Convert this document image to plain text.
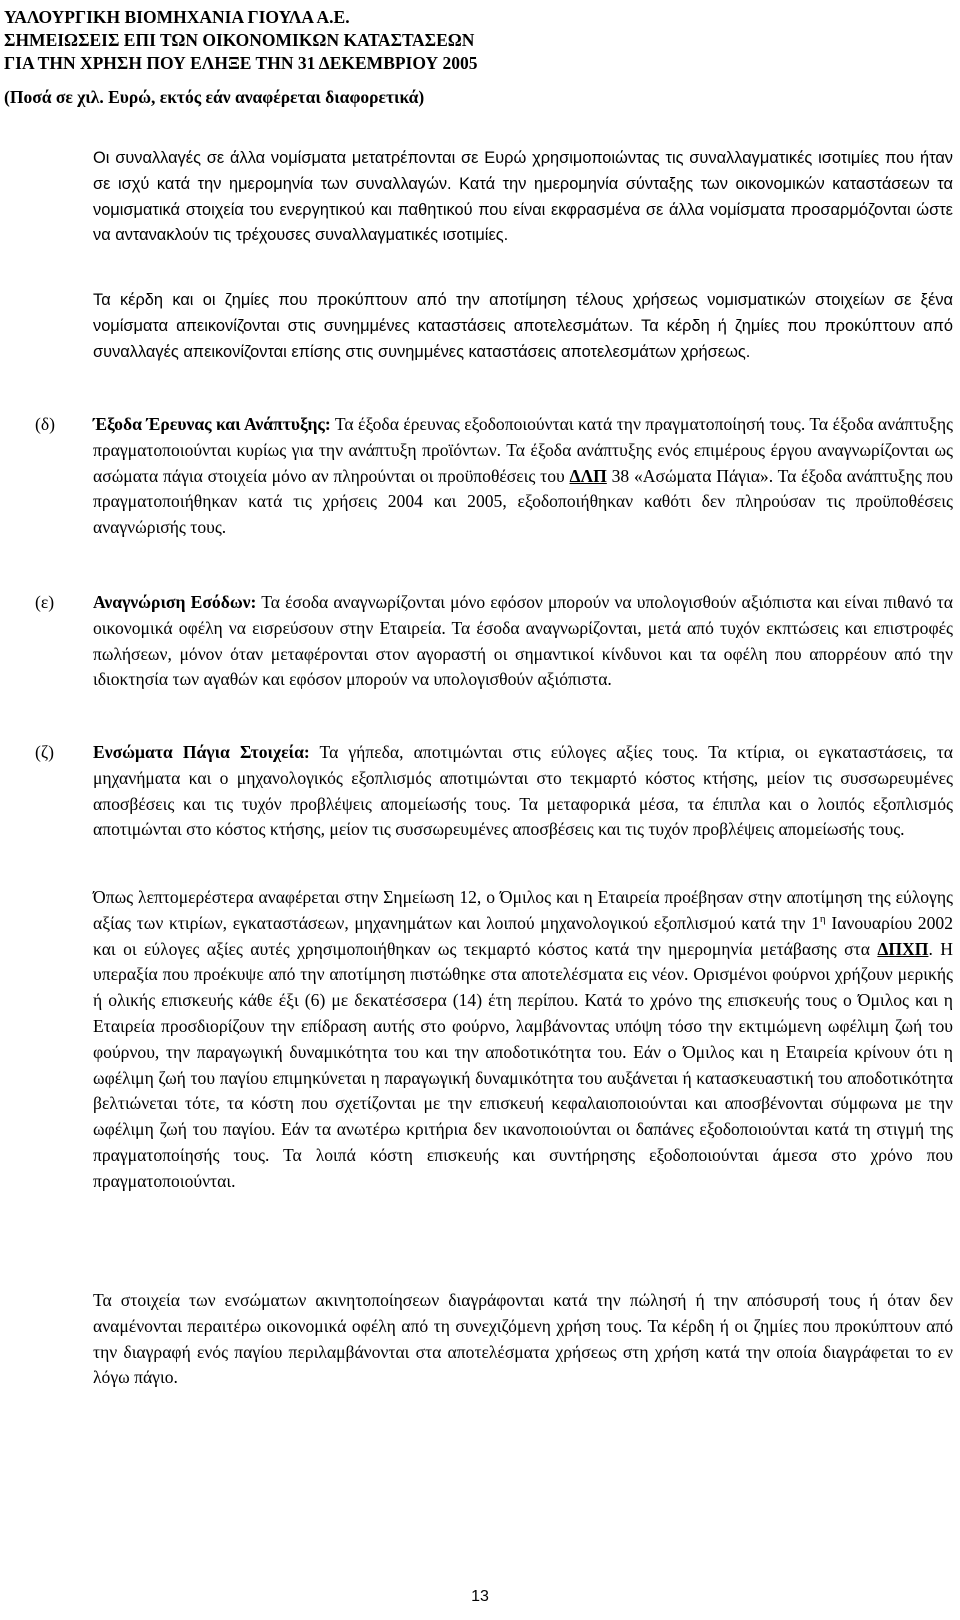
ΥΑΛΟΥΡΓΙΚΗ ΒΙΟΜΗΧΑΝΙΑ ΓΙΟΥΛΑ Α.Ε.
ΣΗΜΕΙΩΣΕΙΣ ΕΠΙ ΤΩΝ ΟΙΚΟΝΟΜΙΚΩΝ ΚΑΤΑΣΤΑΣΕΩΝ
ΓΙΑ ΤΗΝ ΧΡΗΣΗ ΠΟΥ ΕΛΗΞΕ ΤΗΝ 31 ΔΕΚΕΜΒΡΙΟΥ 2005
(Ποσά σε χιλ. Ευρώ, εκτός εάν αναφέρεται διαφορετικά)

Οι συναλλαγές σε άλλα νομίσματα μετατρέπονται σε Ευρώ χρησιμοποιώντας τις συναλλαγματικές ισοτιμίες που ήταν σε ισχύ κατά την ημερομηνία των συναλλαγών. Κατά την ημερομηνία σύνταξης των οικονομικών καταστάσεων τα νομισματικά στοιχεία του ενεργητικού και παθητικού που είναι εκφρασμένα σε άλλα νομίσματα προσαρμόζονται ώστε να αντανακλούν τις τρέχουσες συναλλαγματικές ισοτιμίες.

Τα κέρδη και οι ζημίες που προκύπτουν από την αποτίμηση τέλους χρήσεως νομισματικών στοιχείων σε ξένα νομίσματα απεικονίζονται στις συνημμένες καταστάσεις αποτελεσμάτων. Τα κέρδη ή ζημίες που προκύπτουν από συναλλαγές απεικονίζονται επίσης στις συνημμένες καταστάσεις αποτελεσμάτων χρήσεως.

(δ) Έξοδα Έρευνας και Ανάπτυξης: Τα έξοδα έρευνας εξοδοποιούνται κατά την πραγματοποίησή τους. Τα έξοδα ανάπτυξης πραγματοποιούνται κυρίως για την ανάπτυξη προϊόντων. Τα έξοδα ανάπτυξης ενός επιμέρους έργου αναγνωρίζονται ως ασώματα πάγια στοιχεία μόνο αν πληρούνται οι προϋποθέσεις του ΔΛΠ 38 «Ασώματα Πάγια». Τα έξοδα ανάπτυξης που πραγματοποιήθηκαν κατά τις χρήσεις 2004 και 2005, εξοδοποιήθηκαν καθότι δεν πληρούσαν τις προϋποθέσεις αναγνώρισής τους.

(ε) Αναγνώριση Εσόδων: Τα έσοδα αναγνωρίζονται μόνο εφόσον μπορούν να υπολογισθούν αξιόπιστα και είναι πιθανό τα οικονομικά οφέλη να εισρεύσουν στην Εταιρεία. Τα έσοδα αναγνωρίζονται, μετά από τυχόν εκπτώσεις και επιστροφές πωλήσεων, μόνον όταν μεταφέρονται στον αγοραστή οι σημαντικοί κίνδυνοι και τα οφέλη που απορρέουν από την ιδιοκτησία των αγαθών και εφόσον μπορούν να υπολογισθούν αξιόπιστα.

(ζ) Ενσώματα Πάγια Στοιχεία: Τα γήπεδα, αποτιμώνται στις εύλογες αξίες τους. Τα κτίρια, οι εγκαταστάσεις, τα μηχανήματα και ο μηχανολογικός εξοπλισμός αποτιμώνται στο τεκμαρτό κόστος κτήσης, μείον τις συσσωρευμένες αποσβέσεις και τις τυχόν προβλέψεις απομείωσής τους. Τα μεταφορικά μέσα, τα έπιπλα και ο λοιπός εξοπλισμός αποτιμώνται στο κόστος κτήσης, μείον τις συσσωρευμένες αποσβέσεις και τις τυχόν προβλέψεις απομείωσής τους.

Όπως λεπτομερέστερα αναφέρεται στην Σημείωση 12, ο Όμιλος και η Εταιρεία προέβησαν στην αποτίμηση της εύλογης αξίας των κτιρίων, εγκαταστάσεων, μηχανημάτων και λοιπού μηχανολογικού εξοπλισμού κατά την $1^\eta$ Ιανουαρίου 2002 και οι εύλογες αξίες αυτές χρησιμοποιήθηκαν ως τεκμαρτό κόστος κατά την ημερομηνία μετάβασης στα ΔΠΧΠ. Η υπεραξία που προέκυψε από την αποτίμηση πιστώθηκε στα αποτελέσματα εις νέον. Ορισμένοι φούρνοι χρήζουν μερικής ή ολικής επισκευής κάθε έξι (6) με δεκατέσσερα (14) έτη περίπου. Κατά το χρόνο της επισκευής τους ο Όμιλος και η Εταιρεία προσδιορίζουν την επίδραση αυτής στο φούρνο, λαμβάνοντας υπόψη τόσο την εκτιμώμενη ωφέλιμη ζωή του φούρνου, την παραγωγική δυναμικότητα του και την αποδοτικότητα του. Εάν ο Όμιλος και η Εταιρεία κρίνουν ότι η ωφέλιμη ζωή του παγίου επιμηκύνεται η παραγωγική δυναμικότητα του αυξάνεται ή κατασκευαστική του αποδοτικότητα βελτιώνεται τότε, τα κόστη που σχετίζονται με την επισκευή κεφαλαιοποιούνται και αποσβένονται σύμφωνα με την ωφέλιμη ζωή του παγίου. Εάν τα ανωτέρω κριτήρια δεν ικανοποιούνται οι δαπάνες εξοδοποιούνται κατά τη στιγμή της πραγματοποίησής τους. Τα λοιπά κόστη επισκευής και συντήρησης εξοδοποιούνται άμεσα στο χρόνο που πραγματοποιούνται.

Τα στοιχεία των ενσώματων ακινητοποίησεων διαγράφονται κατά την πώλησή ή την απόσυρσή τους ή όταν δεν αναμένονται περαιτέρω οικονομικά οφέλη από τη συνεχιζόμενη χρήση τους. Τα κέρδη ή οι ζημίες που προκύπτουν από την διαγραφή ενός παγίου περιλαμβάνονται στα αποτελέσματα χρήσεως στη χρήση κατά την οποία διαγράφεται το εν λόγω πάγιο.

13
